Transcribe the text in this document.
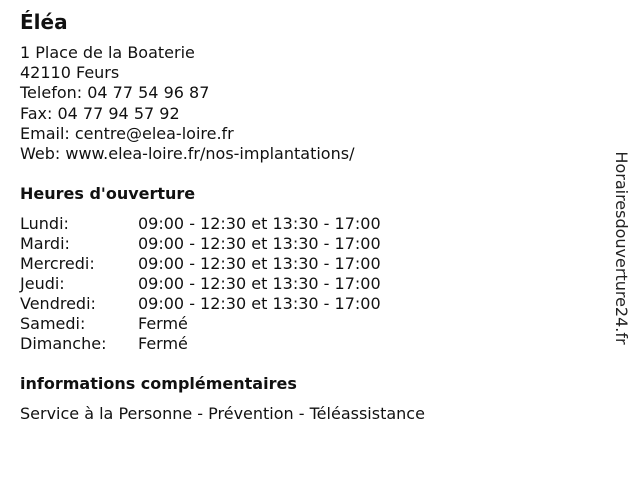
Éléa
1 Place de la Boaterie
42110 Feurs
Telefon: 04 77 54 96 87
Fax: 04 77 94 57 92
Email: centre@elea-loire.fr
Web: www.elea-loire.fr/nos-implantations/
Heures d'ouverture
Lundi:	09:00 - 12:30 et 13:30 - 17:00
Mardi:	09:00 - 12:30 et 13:30 - 17:00
Mercredi:	09:00 - 12:30 et 13:30 - 17:00
Jeudi:	09:00 - 12:30 et 13:30 - 17:00
Vendredi:	09:00 - 12:30 et 13:30 - 17:00
Samedi:	Fermé
Dimanche:	Fermé
informations complémentaires
Service à la Personne - Prévention - Téléassistance
Horairesdouverture24.fr
